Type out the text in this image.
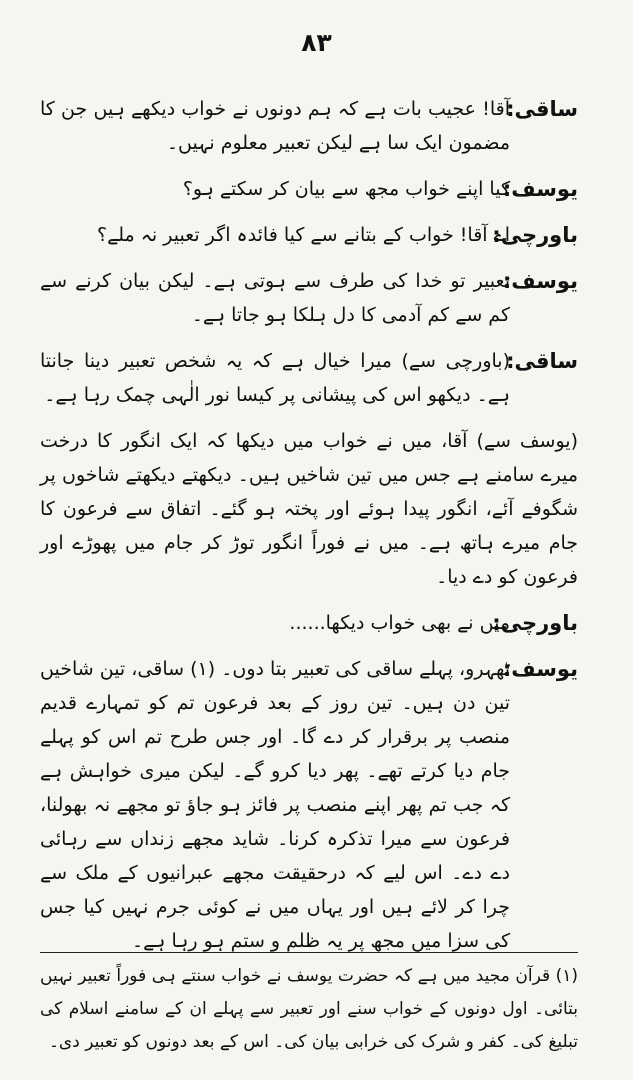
۸۳
ساقی:
آقا! عجیب بات ہے کہ ہم دونوں نے خواب دیکھے ہیں جن کا مضمون ایک سا ہے لیکن تعبیر معلوم نہیں۔
یوسف:
کیا اپنے خواب مجھ سے بیان کر سکتے ہو؟
باورچی:
اے آقا! خواب کے بتانے سے کیا فائدہ اگر تعبیر نہ ملے؟
یوسف:
تعبیر تو خدا کی طرف سے ہوتی ہے۔ لیکن بیان کرنے سے کم سے کم آدمی کا دل ہلکا ہو جاتا ہے۔
ساقی:
(باورچی سے) میرا خیال ہے کہ یہ شخص تعبیر دینا جانتا ہے۔ دیکھو اس کی پیشانی پر کیسا نور الٰہی چمک رہا ہے۔
(یوسف سے) آقا، میں نے خواب میں دیکھا کہ ایک انگور کا درخت میرے سامنے ہے جس میں تین شاخیں ہیں۔ دیکھتے دیکھتے شاخوں پر شگوفے آئے، انگور پیدا ہوئے اور پختہ ہو گئے۔ اتفاق سے فرعون کا جام میرے ہاتھ ہے۔ میں نے فوراً انگور توڑ کر جام میں پھوڑے اور فرعون کو دے دیا۔
باورچی:
میں نے بھی خواب دیکھا......
یوسف:
ٹھہرو، پہلے ساقی کی تعبیر بتا دوں۔ (۱) ساقی، تین شاخیں تین دن ہیں۔ تین روز کے بعد فرعون تم کو تمہارے قدیم منصب پر برقرار کر دے گا۔ اور جس طرح تم اس کو پہلے جام دیا کرتے تھے۔ پھر دیا کرو گے۔ لیکن میری خواہش ہے کہ جب تم پھر اپنے منصب پر فائز ہو جاؤ تو مجھے نہ بھولنا، فرعون سے میرا تذکرہ کرنا۔ شاید مجھے زنداں سے رہائی دے دے۔ اس لیے کہ درحقیقت مجھے عبرانیوں کے ملک سے چرا کر لائے ہیں اور یہاں میں نے کوئی جرم نہیں کیا جس کی سزا میں مجھ پر یہ ظلم و ستم ہو رہا ہے۔
(۱) قرآن مجید میں ہے کہ حضرت یوسف نے خواب سنتے ہی فوراً تعبیر نہیں بتائی۔ اول دونوں کے خواب سنے اور تعبیر سے پہلے ان کے سامنے اسلام کی تبلیغ کی۔ کفر و شرک کی خرابی بیان کی۔ اس کے بعد دونوں کو تعبیر دی۔
